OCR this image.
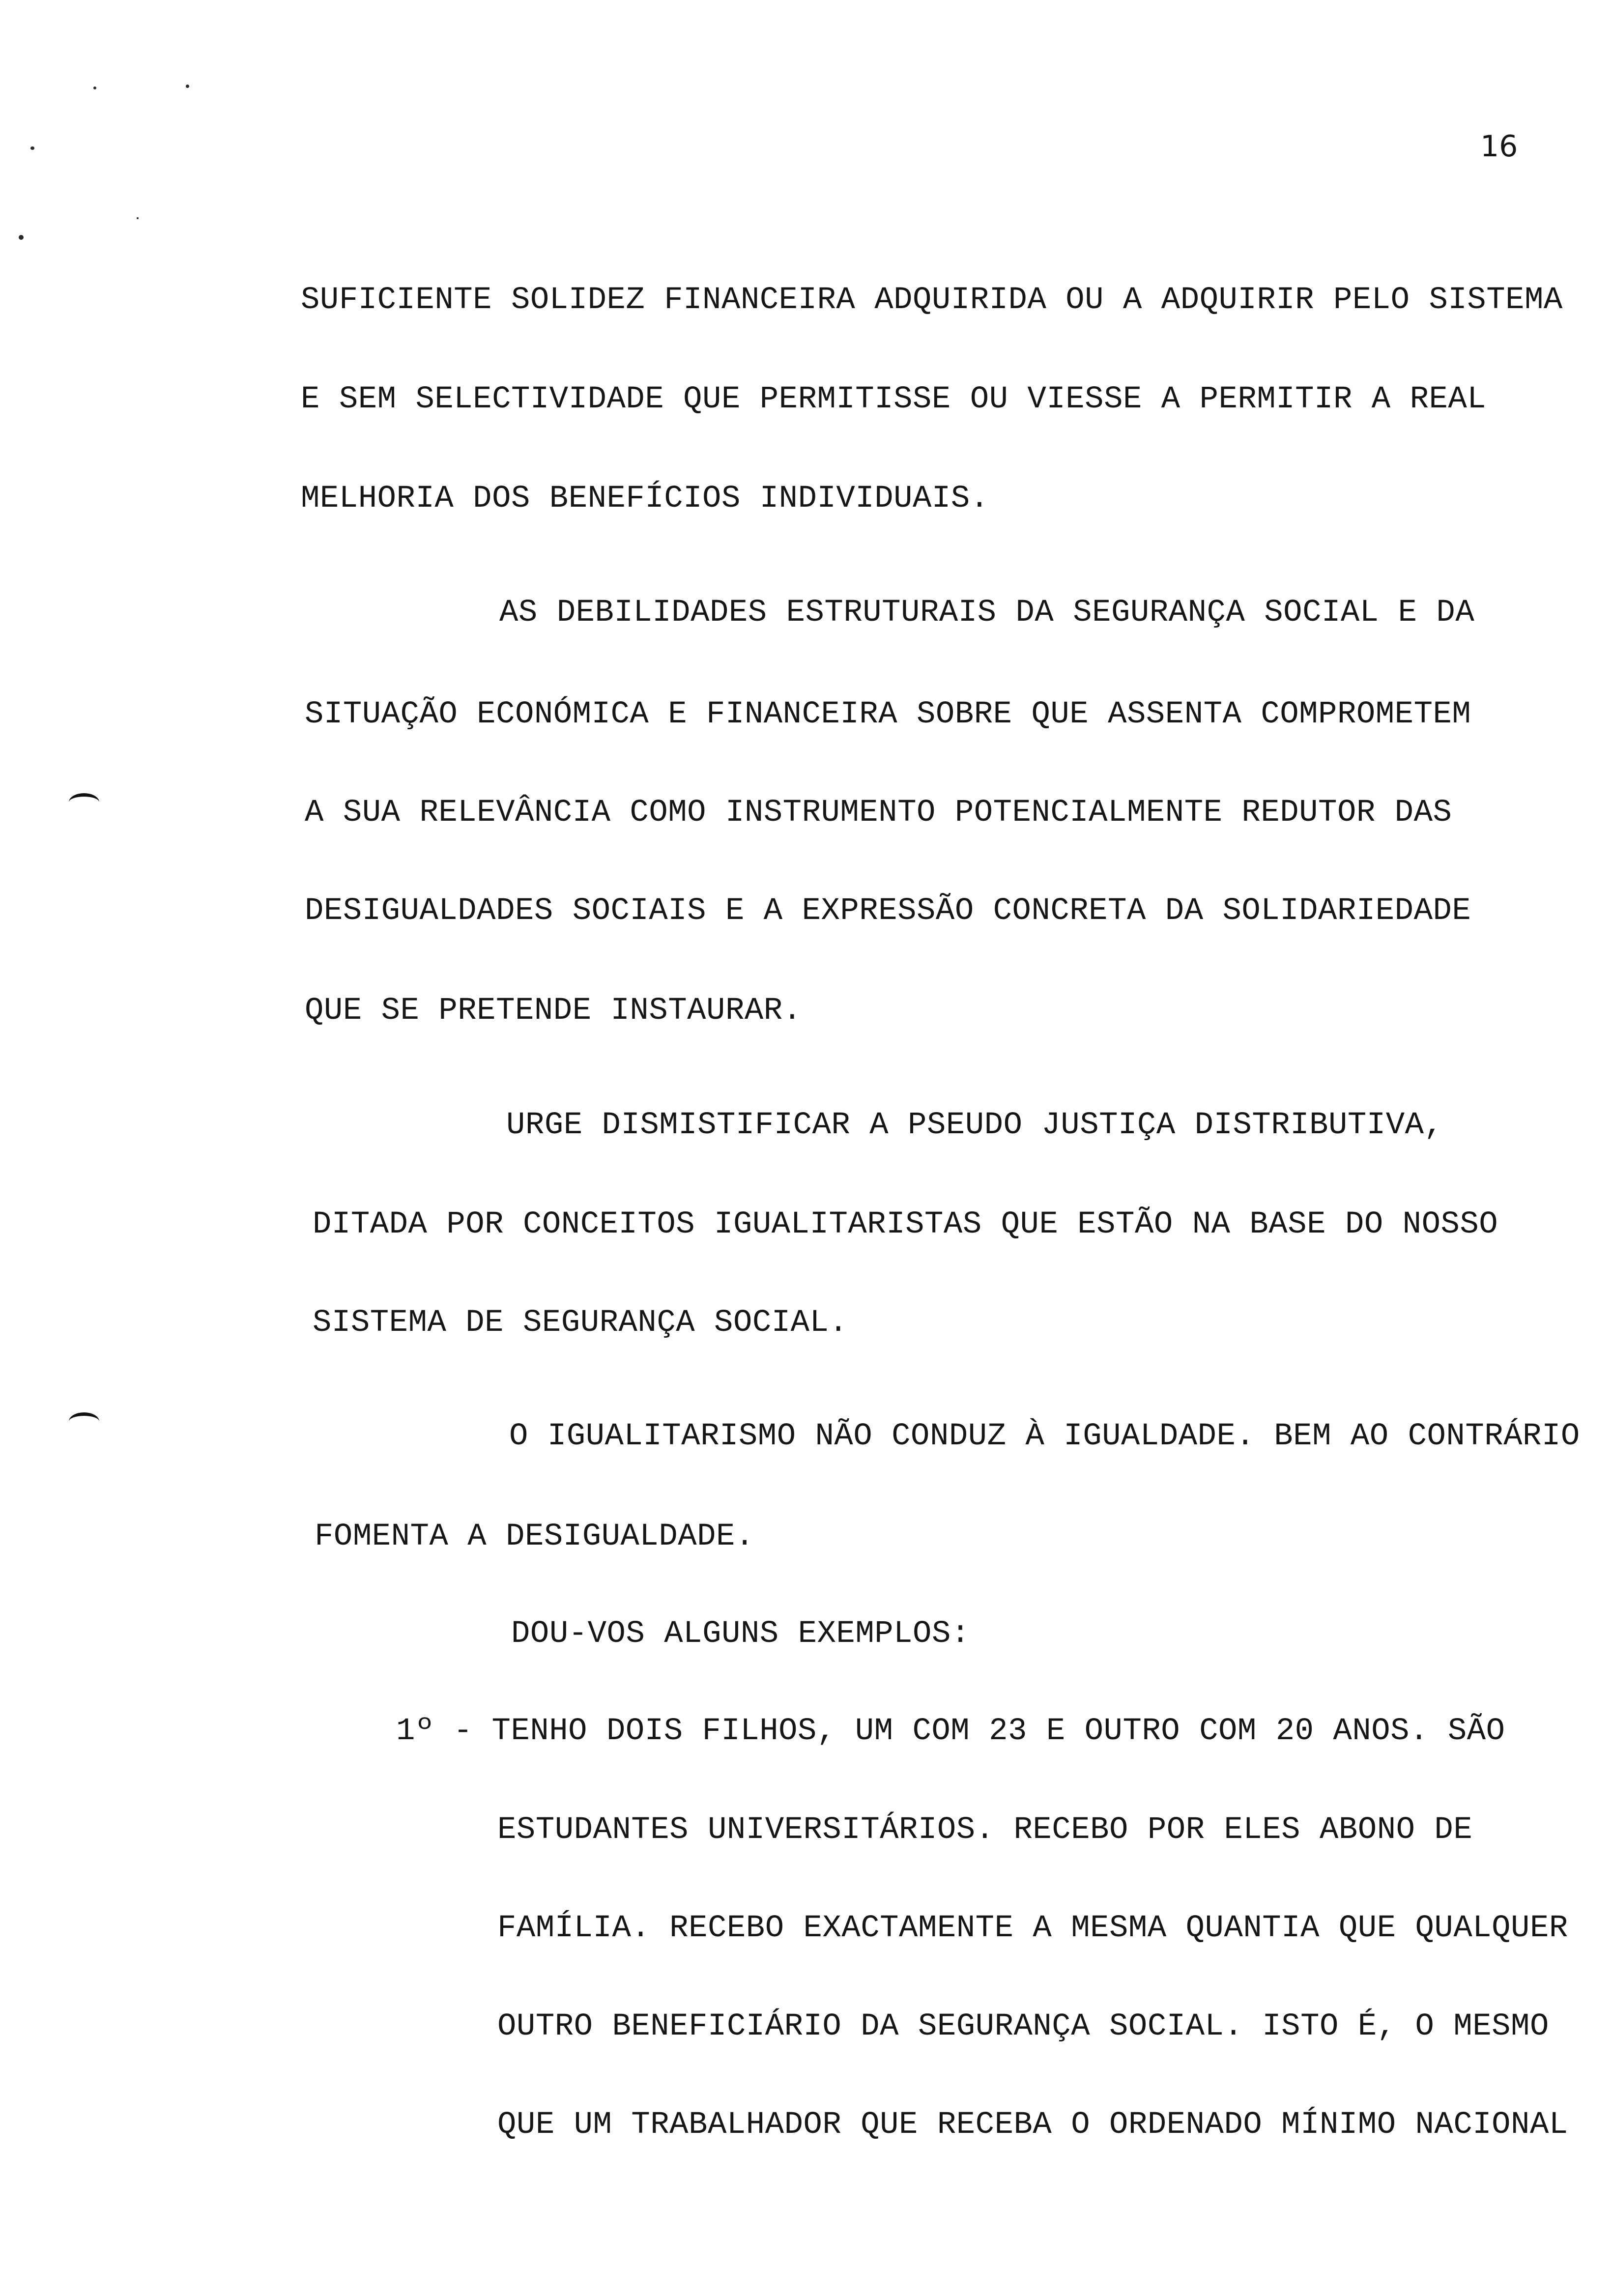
16
SUFICIENTE SOLIDEZ FINANCEIRA ADQUIRIDA OU A ADQUIRIR PELO SISTEMA
E SEM SELECTIVIDADE QUE PERMITISSE OU VIESSE A PERMITIR A REAL
MELHORIA DOS BENEFÍCIOS INDIVIDUAIS.
AS DEBILIDADES ESTRUTURAIS DA SEGURANÇA SOCIAL E DA
SITUAÇÃO ECONÓMICA E FINANCEIRA SOBRE QUE ASSENTA COMPROMETEM
A SUA RELEVÂNCIA COMO INSTRUMENTO POTENCIALMENTE REDUTOR DAS
DESIGUALDADES SOCIAIS E A EXPRESSÃO CONCRETA DA SOLIDARIEDADE
QUE SE PRETENDE INSTAURAR.
URGE DISMISTIFICAR A PSEUDO JUSTIÇA DISTRIBUTIVA,
DITADA POR CONCEITOS IGUALITARISTAS QUE ESTÃO NA BASE DO NOSSO
SISTEMA DE SEGURANÇA SOCIAL.
O IGUALITARISMO NÃO CONDUZ À IGUALDADE. BEM AO CONTRÁRIO
FOMENTA A DESIGUALDADE.
DOU-VOS ALGUNS EXEMPLOS:
1º - TENHO DOIS FILHOS, UM COM 23 E OUTRO COM 20 ANOS. SÃO
ESTUDANTES UNIVERSITÁRIOS. RECEBO POR ELES ABONO DE
FAMÍLIA. RECEBO EXACTAMENTE A MESMA QUANTIA QUE QUALQUER
OUTRO BENEFICIÁRIO DA SEGURANÇA SOCIAL. ISTO É, O MESMO
QUE UM TRABALHADOR QUE RECEBA O ORDENADO MÍNIMO NACIONAL
